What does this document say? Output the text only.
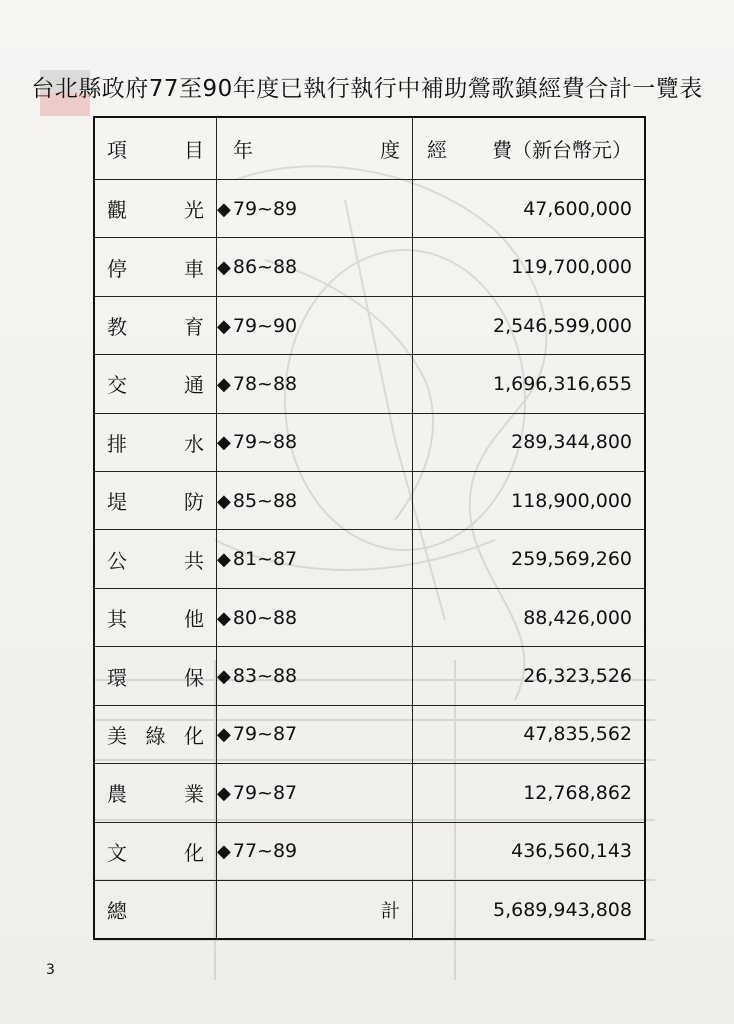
台北縣政府77至90年度已執行執行中補助鶯歌鎮經費合計一覽表
項 目	年 度	經 費（新台幣元）

觀 光	◆ 79~89	47,600,000

停 車	◆ 86~88	119,700,000

教 育	◆ 79~90	2,546,599,000

交 通	◆ 78~88	1,696,316,655

排 水	◆ 79~88	289,344,800

堤 防	◆ 85~88	118,900,000

公 共	◆ 81~87	259,569,260

其 他	◆ 80~88	88,426,000

環 保	◆ 83~88	26,323,526

美 綠 化	◆ 79~87	47,835,562

農 業	◆ 79~87	12,768,862

文 化	◆ 77~89	436,560,143

總	計	5,689,943,808
3
